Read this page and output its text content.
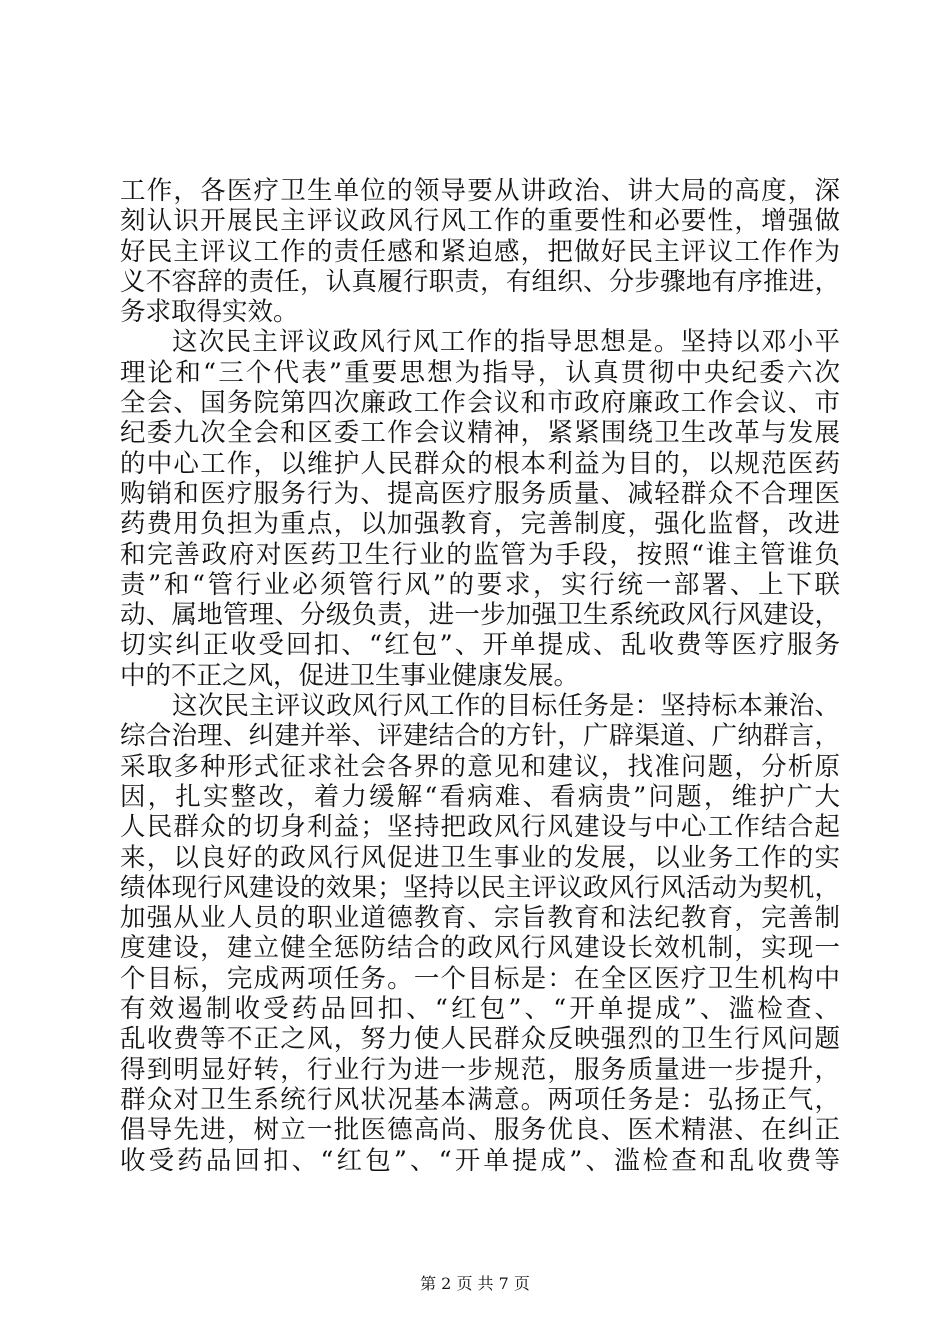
工作，各医疗卫生单位的领导要从讲政治、讲大局的高度，深
刻认识开展民主评议政风行风工作的重要性和必要性，增强做
好民主评议工作的责任感和紧迫感，把做好民主评议工作作为
义不容辞的责任，认真履行职责，有组织、分步骤地有序推进，
务求取得实效。
这次民主评议政风行风工作的指导思想是。坚持以邓小平
理论和“三个代表”重要思想为指导，认真贯彻中央纪委六次
全会、国务院第四次廉政工作会议和市政府廉政工作会议、市
纪委九次全会和区委工作会议精神，紧紧围绕卫生改革与发展
的中心工作，以维护人民群众的根本利益为目的，以规范医药
购销和医疗服务行为、提高医疗服务质量、减轻群众不合理医
药费用负担为重点，以加强教育，完善制度，强化监督，改进
和完善政府对医药卫生行业的监管为手段，按照“谁主管谁负
责”和“管行业必须管行风”的要求，实行统一部署、上下联
动、属地管理、分级负责，进一步加强卫生系统政风行风建设，
切实纠正收受回扣、“红包”、开单提成、乱收费等医疗服务
中的不正之风，促进卫生事业健康发展。
这次民主评议政风行风工作的目标任务是：坚持标本兼治、
综合治理、纠建并举、评建结合的方针，广辟渠道、广纳群言，
采取多种形式征求社会各界的意见和建议，找准问题，分析原
因，扎实整改，着力缓解“看病难、看病贵”问题，维护广大
人民群众的切身利益；坚持把政风行风建设与中心工作结合起
来，以良好的政风行风促进卫生事业的发展，以业务工作的实
绩体现行风建设的效果；坚持以民主评议政风行风活动为契机，
加强从业人员的职业道德教育、宗旨教育和法纪教育，完善制
度建设，建立健全惩防结合的政风行风建设长效机制，实现一
个目标，完成两项任务。一个目标是：在全区医疗卫生机构中
有效遏制收受药品回扣、“红包”、“开单提成”、滥检查、
乱收费等不正之风，努力使人民群众反映强烈的卫生行风问题
得到明显好转，行业行为进一步规范，服务质量进一步提升，
群众对卫生系统行风状况基本满意。两项任务是：弘扬正气，
倡导先进，树立一批医德高尚、服务优良、医术精湛、在纠正
收受药品回扣、“红包”、“开单提成”、滥检查和乱收费等
第 2 页 共 7 页
